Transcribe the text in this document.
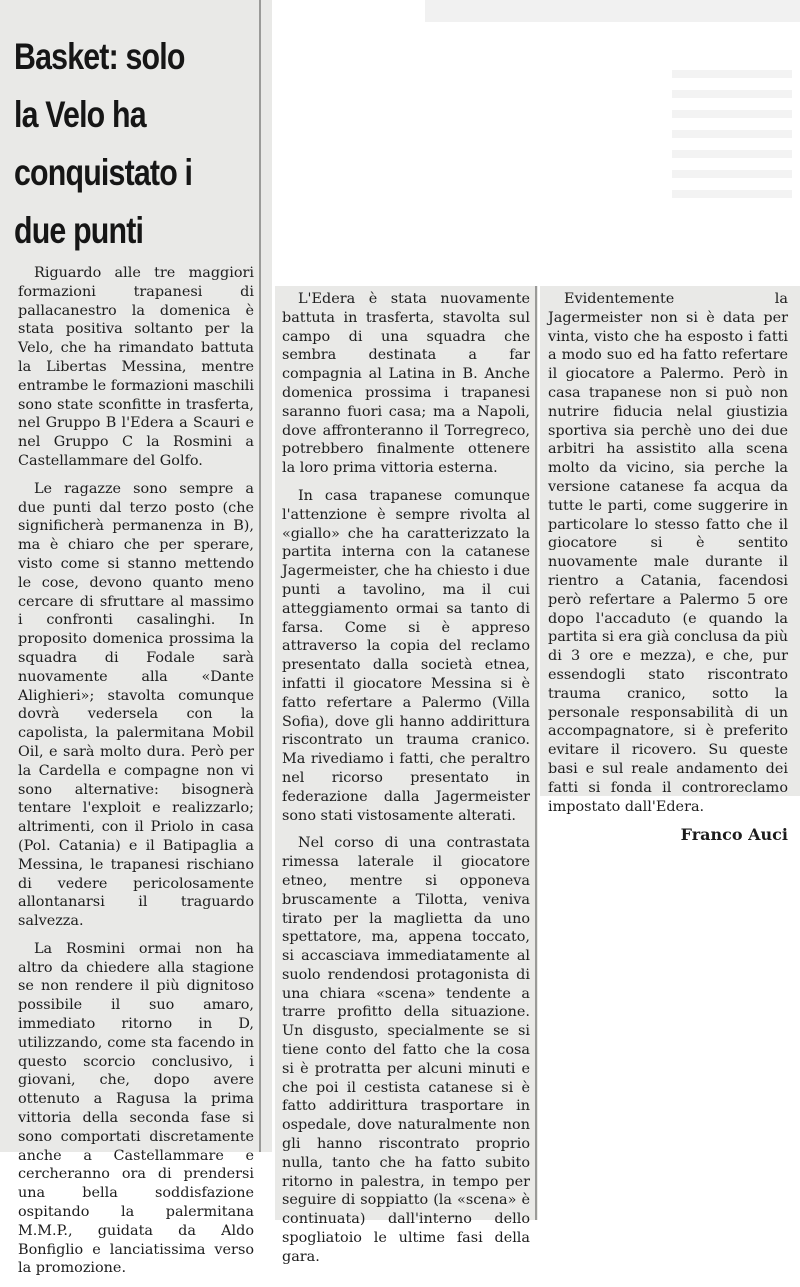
Basket: solo la Velo ha conquistato i due punti

Riguardo alle tre maggiori formazioni trapanesi di pallacanestro la domenica è stata positiva soltanto per la Velo, che ha rimandato battuta la Libertas Messina, mentre entrambe le formazioni maschili sono state sconfitte in trasferta, nel Gruppo B l'Edera a Scauri e nel Gruppo C la Rosmini a Castellammare del Golfo.

Le ragazze sono sempre a due punti dal terzo posto (che significherà permanenza in B), ma è chiaro che per sperare, visto come si stanno mettendo le cose, devono quanto meno cercare di sfruttare al massimo i confronti casalinghi. In proposito domenica prossima la squadra di Fodale sarà nuovamente alla «Dante Alighieri»; stavolta comunque dovrà vedersela con la capolista, la palermitana Mobil Oil, e sarà molto dura. Però per la Cardella e compagne non vi sono alternative: bisognerà tentare l'exploit e realizzarlo; altrimenti, con il Priolo in casa (Pol. Catania) e il Batipaglia a Messina, le trapanesi rischiano di vedere pericolosamente allontanarsi il traguardo salvezza.

La Rosmini ormai non ha altro da chiedere alla stagione se non rendere il più dignitoso possibile il suo amaro, immediato ritorno in D, utilizzando, come sta facendo in questo scorcio conclusivo, i giovani, che, dopo avere ottenuto a Ragusa la prima vittoria della seconda fase si sono comportati discretamente anche a Castellammare e cercheranno ora di prendersi una bella soddisfazione ospitando la palermitana M.M.P., guidata da Aldo Bonfiglio e lanciatissima verso la promozione.

L'Edera è stata nuovamente battuta in trasferta, stavolta sul campo di una squadra che sembra destinata a far compagnia al Latina in B. Anche domenica prossima i trapanesi saranno fuori casa; ma a Napoli, dove affronteranno il Torregreco, potrebbero finalmente ottenere la loro prima vittoria esterna.

In casa trapanese comunque l'attenzione è sempre rivolta al «giallo» che ha caratterizzato la partita interna con la catanese Jagermeister, che ha chiesto i due punti a tavolino, ma il cui atteggiamento ormai sa tanto di farsa. Come si è appreso attraverso la copia del reclamo presentato dalla società etnea, infatti il giocatore Messina si è fatto refertare a Palermo (Villa Sofia), dove gli hanno addirittura riscontrato un trauma cranico. Ma rivediamo i fatti, che peraltro nel ricorso presentato in federazione dalla Jagermeister sono stati vistosamente alterati.

Nel corso di una contrastata rimessa laterale il giocatore etneo, mentre si opponeva bruscamente a Tilotta, veniva tirato per la maglietta da uno spettatore, ma, appena toccato, si accasciava immediatamente al suolo rendendosi protagonista di una chiara «scena» tendente a trarre profitto della situazione. Un disgusto, specialmente se si tiene conto del fatto che la cosa si è protratta per alcuni minuti e che poi il cestista catanese si è fatto addirittura trasportare in ospedale, dove naturalmente non gli hanno riscontrato proprio nulla, tanto che ha fatto subito ritorno in palestra, in tempo per seguire di soppiatto (la «scena» è continuata) dall'interno dello spogliatoio le ultime fasi della gara.

Evidentemente la Jagermeister non si è data per vinta, visto che ha esposto i fatti a modo suo ed ha fatto refertare il giocatore a Palermo. Però in casa trapanese non si può non nutrire fiducia nelal giustizia sportiva sia perchè uno dei due arbitri ha assistito alla scena molto da vicino, sia perche la versione catanese fa acqua da tutte le parti, come suggerire in particolare lo stesso fatto che il giocatore si è sentito nuovamente male durante il rientro a Catania, facendosi però refertare a Palermo 5 ore dopo l'accaduto (e quando la partita si era già conclusa da più di 3 ore e mezza), e che, pur essendogli stato riscontrato trauma cranico, sotto la personale responsabilità di un accompagnatore, si è preferito evitare il ricovero. Su queste basi e sul reale andamento dei fatti si fonda il controreclamo impostato dall'Edera.

Franco Auci
